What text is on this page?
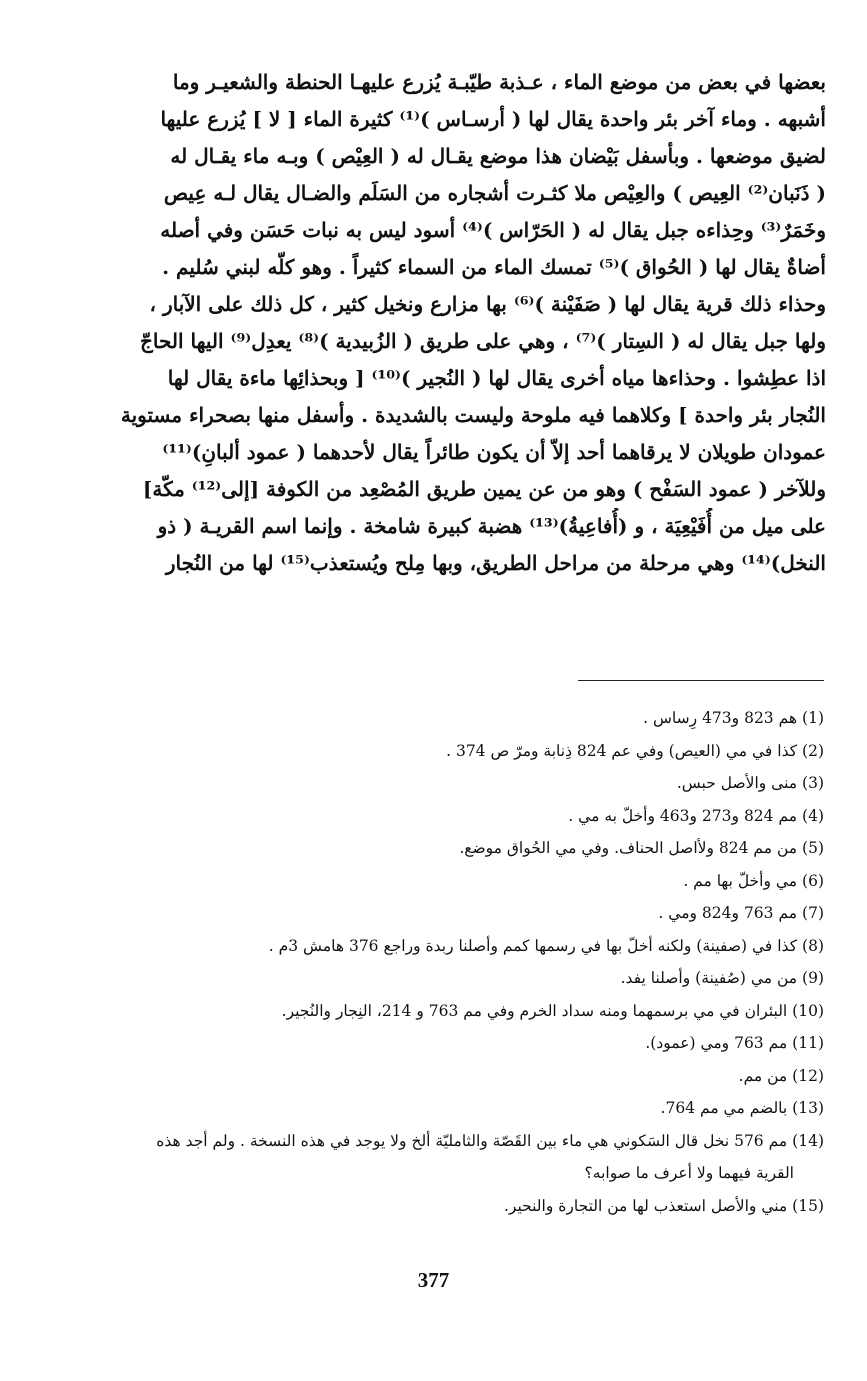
بعضها في بعض من موضع الماء ، عـذبة طيّبـة يُزرع عليهـا الحنطة والشعيـر وما
أشبهه . وماء آخر بئر واحدة يقال لها ( أرسـاس )⁽¹⁾ كثيرة الماء [ لا ] يُزرع عليها
لضيق موضعها . وبأسفل بَيْضان هذا موضع يقـال له ( العِيْص ) وبـه ماء يقـال له
( ذَنَبان⁽²⁾ العِيص ) والعِيْص ملا كثـرت أشجاره من السَلَم والضـال يقال لـه عِيص
وخَمَرٌ⁽³⁾ وحِذاءه جبل يقال له ( الحَرّاس )⁽⁴⁾ أسود ليس به نبات حَسَن وفي أصله
أضاةٌ يقال لها ( الحُواق )⁽⁵⁾ تمسك الماء من السماء كثيراً . وهو كلّه لبني سُليم .
وحذاء ذلك قرية يقال لها ( صَفَيْنة )⁽⁶⁾ بها مزارع ونخيل كثير ، كل ذلك على الآبار ،
ولها جبل يقال له ( السِتار )⁽⁷⁾ ، وهي على طريق ( الزُبيدية )⁽⁸⁾ يعدِل⁽⁹⁾ اليها الحاجّ
اذا عطِشوا . وحذاءها مياه أخرى يقال لها ( النُجير )⁽¹⁰⁾ [ وبحذائِها ماءة يقال لها
النُجار بئر واحدة ] وكلاهما فيه ملوحة وليست بالشديدة . وأسفل منها بصحراء مستوية
عمودان طويلان لا يرقاهما أحد إلاّ أن يكون طائراً يقال لأحدهما ( عمود ألبانِ)⁽¹¹⁾
وللآخر ( عمود السَفْح ) وهو من عن يمين طريق المُصْعِد من الكوفة [إلى⁽¹²⁾ مكّة]
على ميل من أُفَيْعِيَة ، و (أُفاعِيةُ)⁽¹³⁾ هضبة كبيرة شامخة . وإنما اسم القريـة ( ذو
النخل)⁽¹⁴⁾ وهي مرحلة من مراحل الطريق، وبها مِلح ويُستعذب⁽¹⁵⁾ لها من النُجار
(1) هم 823 و473 رِساس .
(2) كذا في مي (العيص) وفي عم 824 ذِنابة ومرّ ص 374 .
(3) منى والأصل حبس.
(4) مم 824 و273 و463 وأخلّ به مي .
(5) من مم 824 ولأاصل الحناف. وفي مي الحُواق موضع.
(6) مي وأخلّ بها مم .
(7) مم 763 و824 ومي .
(8) كذا في (صفينة) ولكنه أخلّ بها في رسمها كمم وأصلنا ربدة وراجع 376 هامش 3م .
(9) من مي (صُفينة) وأصلنا يفد.
(10) البئران في مي برسمهما ومنه سداد الخرم وفي مم 763 و 214، النِجار والنُجير.
(11) مم 763 ومي (عمود).
(12) من مم.
(13) بالضم مي مم 764.
(14) مم 576 نخل قال السَكوني هي ماء بين القَصّة والثامليّة ألخ ولا يوجد في هذه النسخة . ولم أجد هذه
القرية فيهما ولا أعرف ما صوابه؟
(15) مني والأصل استعذب لها من التجارة والنحير.
377
